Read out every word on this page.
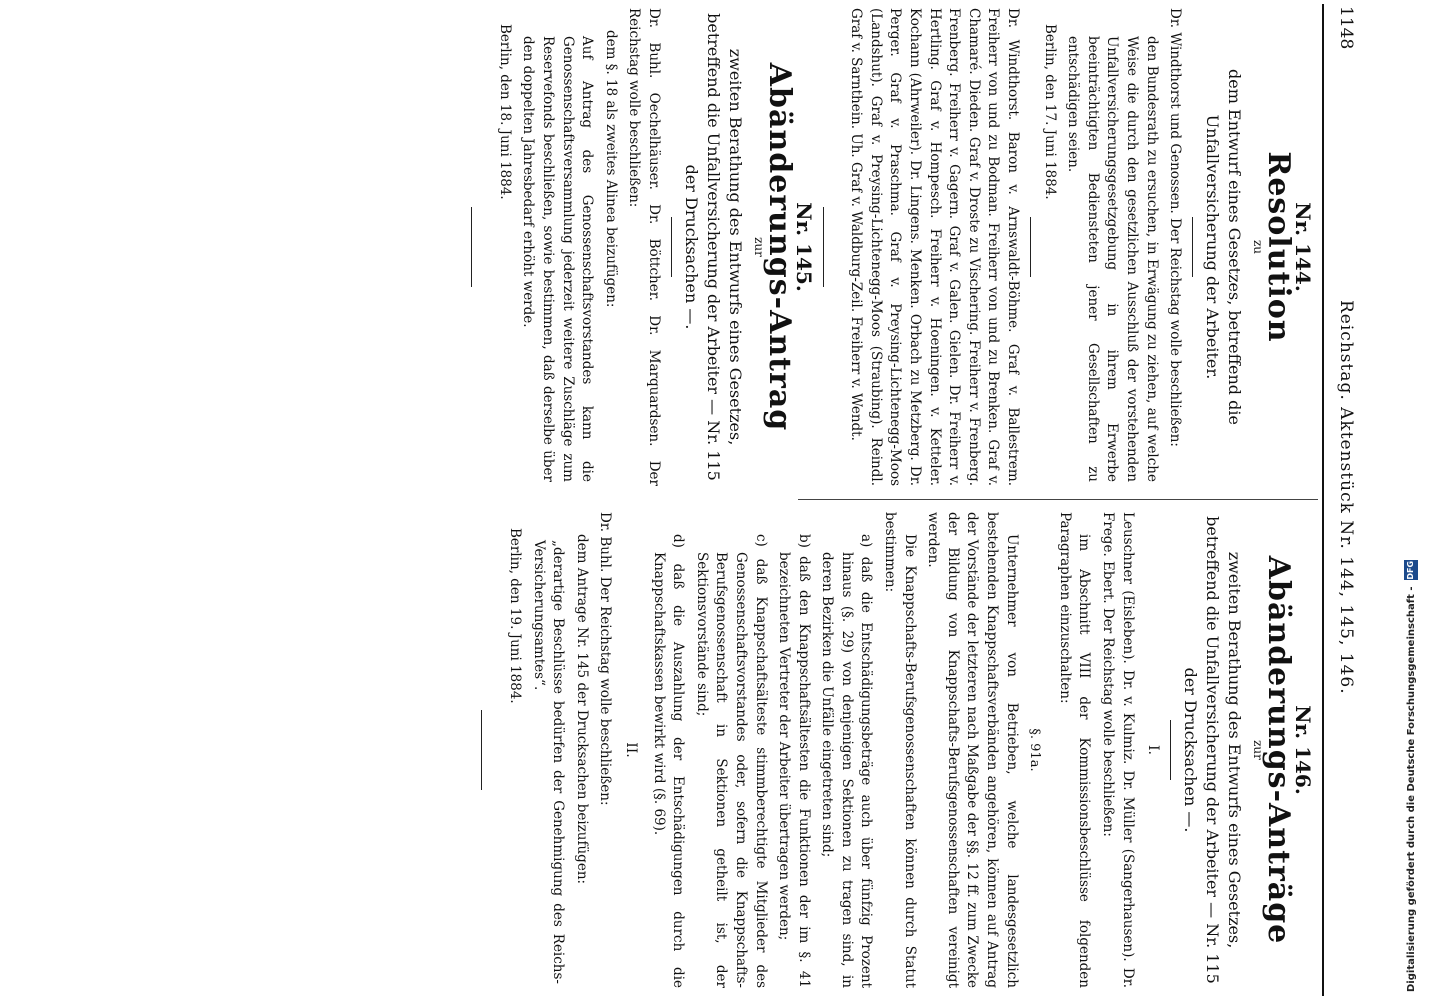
1148
Reichstag. Aktenstück Nr. 144, 145, 146.
Nr. 144.
Resolution
zu
dem Entwurf eines Gesetzes, betreffend die Unfallversicherung der Arbeiter.

Dr. Windthorst und Genossen. Der Reichstag wolle beschließen:

den Bundesrath zu ersuchen, in Erwägung zu ziehen, auf welche Weise die durch den gesetzlichen Ausschluß der vorstehenden Unfallversicherungsgesetzgebung in ihrem Erwerbe beeinträchtigten Bediensteten jener Gesellschaften zu entschädigen seien.

Berlin, den 17. Juni 1884.

Dr. Windthorst. Baron v. Arnswaldt-Böhme. Graf v. Ballestrem. Freiherr von und zu Bodman. Freiherr von und zu Brenken. Graf v. Chamaré. Dieden. Graf v. Droste zu Vischering. Freiherr v. Frenberg. Frenberg. Freiherr v. Gagern. Graf v. Galen. Gielen. Dr. Freiherr v. Hertling. Graf v. Hompesch. Freiherr v. Hoeningen. v. Ketteler. Kochann (Ahrweiler). Dr. Lingens. Menken. Orbach zu Metzberg. Dr. Perger. Graf v. Praschma. Graf v. Preysing-Lichtenegg-Moos (Landshut). Graf v. Preysing-Lichtenegg-Moos (Straubing). Reindl. Graf v. Sarnthein. Uh. Graf v. Waldburg-Zeil. Freiherr v. Wendt.

Nr. 145.
Abänderungs-Antrag
zur
zweiten Berathung des Entwurfs eines Gesetzes, betreffend die Unfallversicherung der Arbeiter — Nr. 115 der Drucksachen —.

Dr. Buhl. Oechelhäuser. Dr. Böttcher. Dr. Marquardsen. Der Reichstag wolle beschließen:

dem §. 18 als zweites Alinea beizufügen:

Auf Antrag des Genossenschaftsvorstandes kann die Genossenschaftsversammlung jederzeit weitere Zuschläge zum Reservefonds beschließen, sowie bestimmen, daß derselbe über den doppelten Jahresbedarf erhöht werde.

Berlin, den 18. Juni 1884.

Nr. 146.
Abänderungs-Anträge
zur
zweiten Berathung des Entwurfs eines Gesetzes, betreffend die Unfallversicherung der Arbeiter — Nr. 115 der Drucksachen —.
I.

Leuschner (Eisleben). Dr. v. Kulmiz. Dr. Müller (Sangerhausen). Dr. Frege. Ebert. Der Reichstag wolle beschließen:

im Abschnitt VIII der Kommissionsbeschlüsse folgenden Paragraphen einzuschalten:

§. 91a.

Unternehmer von Betrieben, welche landesgesetzlich bestehenden Knappschaftsverbänden angehören, können auf Antrag der Vorstände der letzteren nach Maßgabe der §§. 12 ff. zum Zwecke der Bildung von Knappschafts-Berufsgenossenschaften vereinigt werden.

Die Knappschafts-Berufsgenossenschaften können durch Statut bestimmen:

a) daß die Entschädigungsbeträge auch über fünfzig Prozent hinaus (§. 29) von denjenigen Sektionen zu tragen sind, in deren Bezirken die Unfälle eingetreten sind;

b) daß den Knappschaftsältesten die Funktionen der im §. 41 bezeichneten Vertreter der Arbeiter übertragen werden;

c) daß Knappschaftsälteste stimmberechtigte Mitglieder des Genossenschaftsvorstandes oder, sofern die Knappschafts-Berufsgenossenschaft in Sektionen getheilt ist, der Sektionsvorstände sind;

d) daß die Auszahlung der Entschädigungen durch die Knappschaftskassen bewirkt wird (§. 69).

II.

Dr. Buhl. Der Reichstag wolle beschließen:

dem Antrage Nr. 145 der Drucksachen beizufügen:

„derartige Beschlüsse bedürfen der Genehmigung des Reichs-Versicherungsamtes“.

Berlin, den 19. Juni 1884.	Digitalisierung gefördert durch die Deutsche Forschungsgemeinschaft -
DFG
